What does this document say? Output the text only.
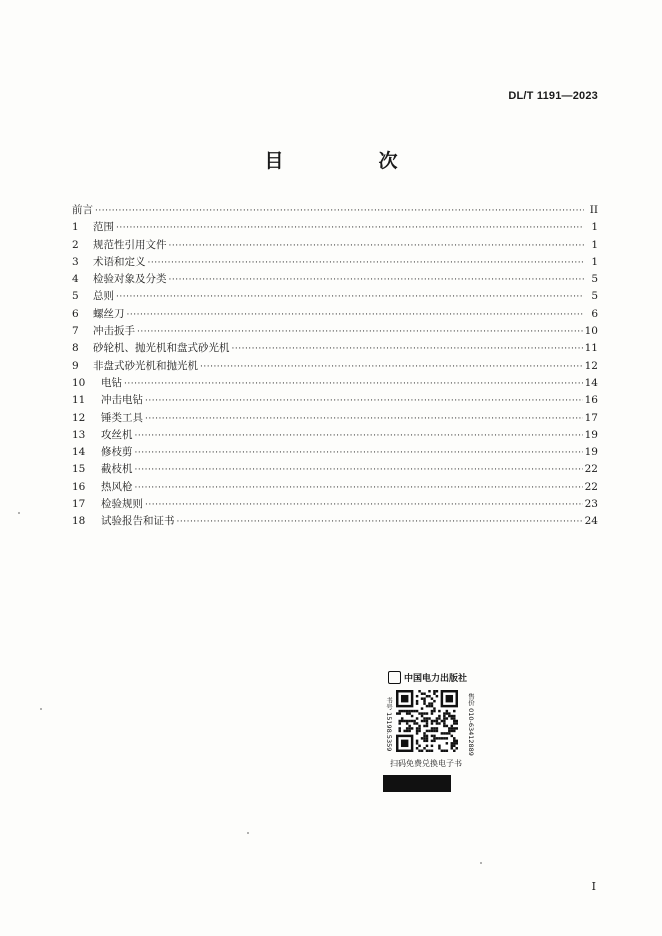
DL/T 1191—2023
目　次
前言 ·····	II
1	范围 ·····	1
2	规范性引用文件 ·····	1
3	术语和定义 ·····	1
4	检验对象及分类 ·····	5
5	总则 ·····	5
6	螺丝刀 ·····	6
7	冲击扳手 ·····	10
8	砂轮机、抛光机和盘式砂光机 ·····	11
9	非盘式砂光机和抛光机 ·····	12
10	电钻 ·····	14
11	冲击电钻 ·····	16
12	锤类工具 ·····	17
13	攻丝机 ·····	19
14	修枝剪 ·····	19
15	截枝机 ·····	22
16	热风枪 ·····	22
17	检验规则 ·····	23
18	试验报告和证书 ·····	24
中国电力出版社
书号 15198.5359	售价 010-63412889
扫码免费兑换电子书
I
